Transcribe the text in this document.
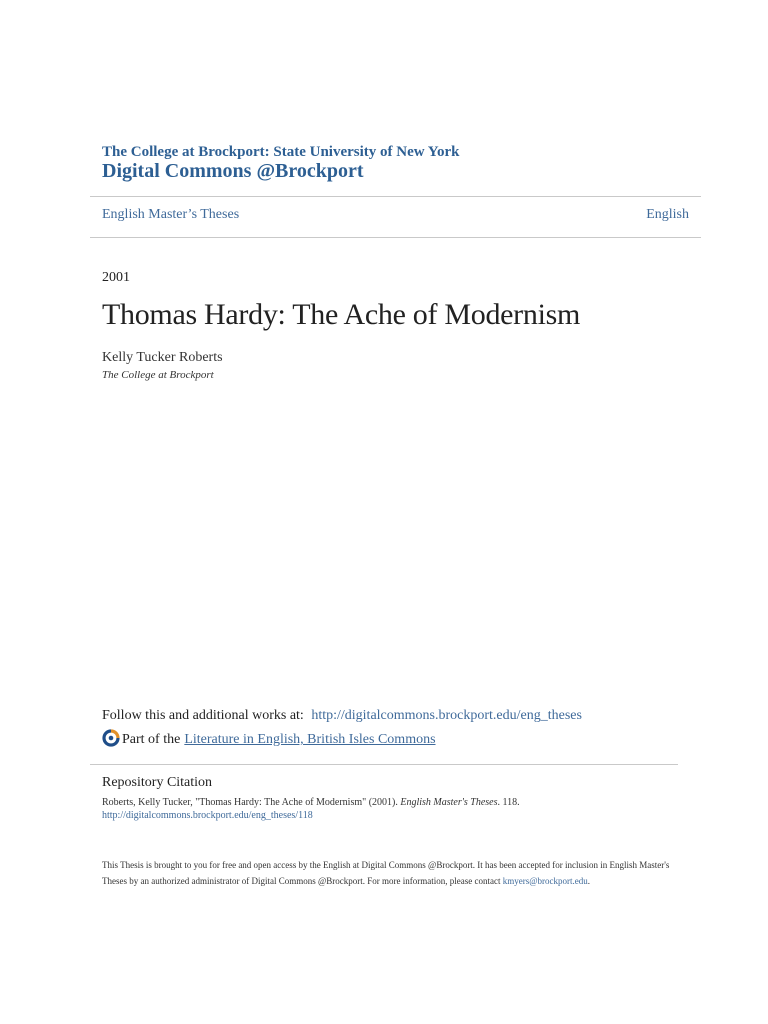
The College at Brockport: State University of New York
Digital Commons @Brockport
English Master’s Theses	English
2001
Thomas Hardy: The Ache of Modernism
Kelly Tucker Roberts
The College at Brockport
Follow this and additional works at: http://digitalcommons.brockport.edu/eng_theses
Part of the Literature in English, British Isles Commons
Repository Citation
Roberts, Kelly Tucker, "Thomas Hardy: The Ache of Modernism" (2001). English Master's Theses. 118.
http://digitalcommons.brockport.edu/eng_theses/118
This Thesis is brought to you for free and open access by the English at Digital Commons @Brockport. It has been accepted for inclusion in English Master's Theses by an authorized administrator of Digital Commons @Brockport. For more information, please contact kmyers@brockport.edu.
